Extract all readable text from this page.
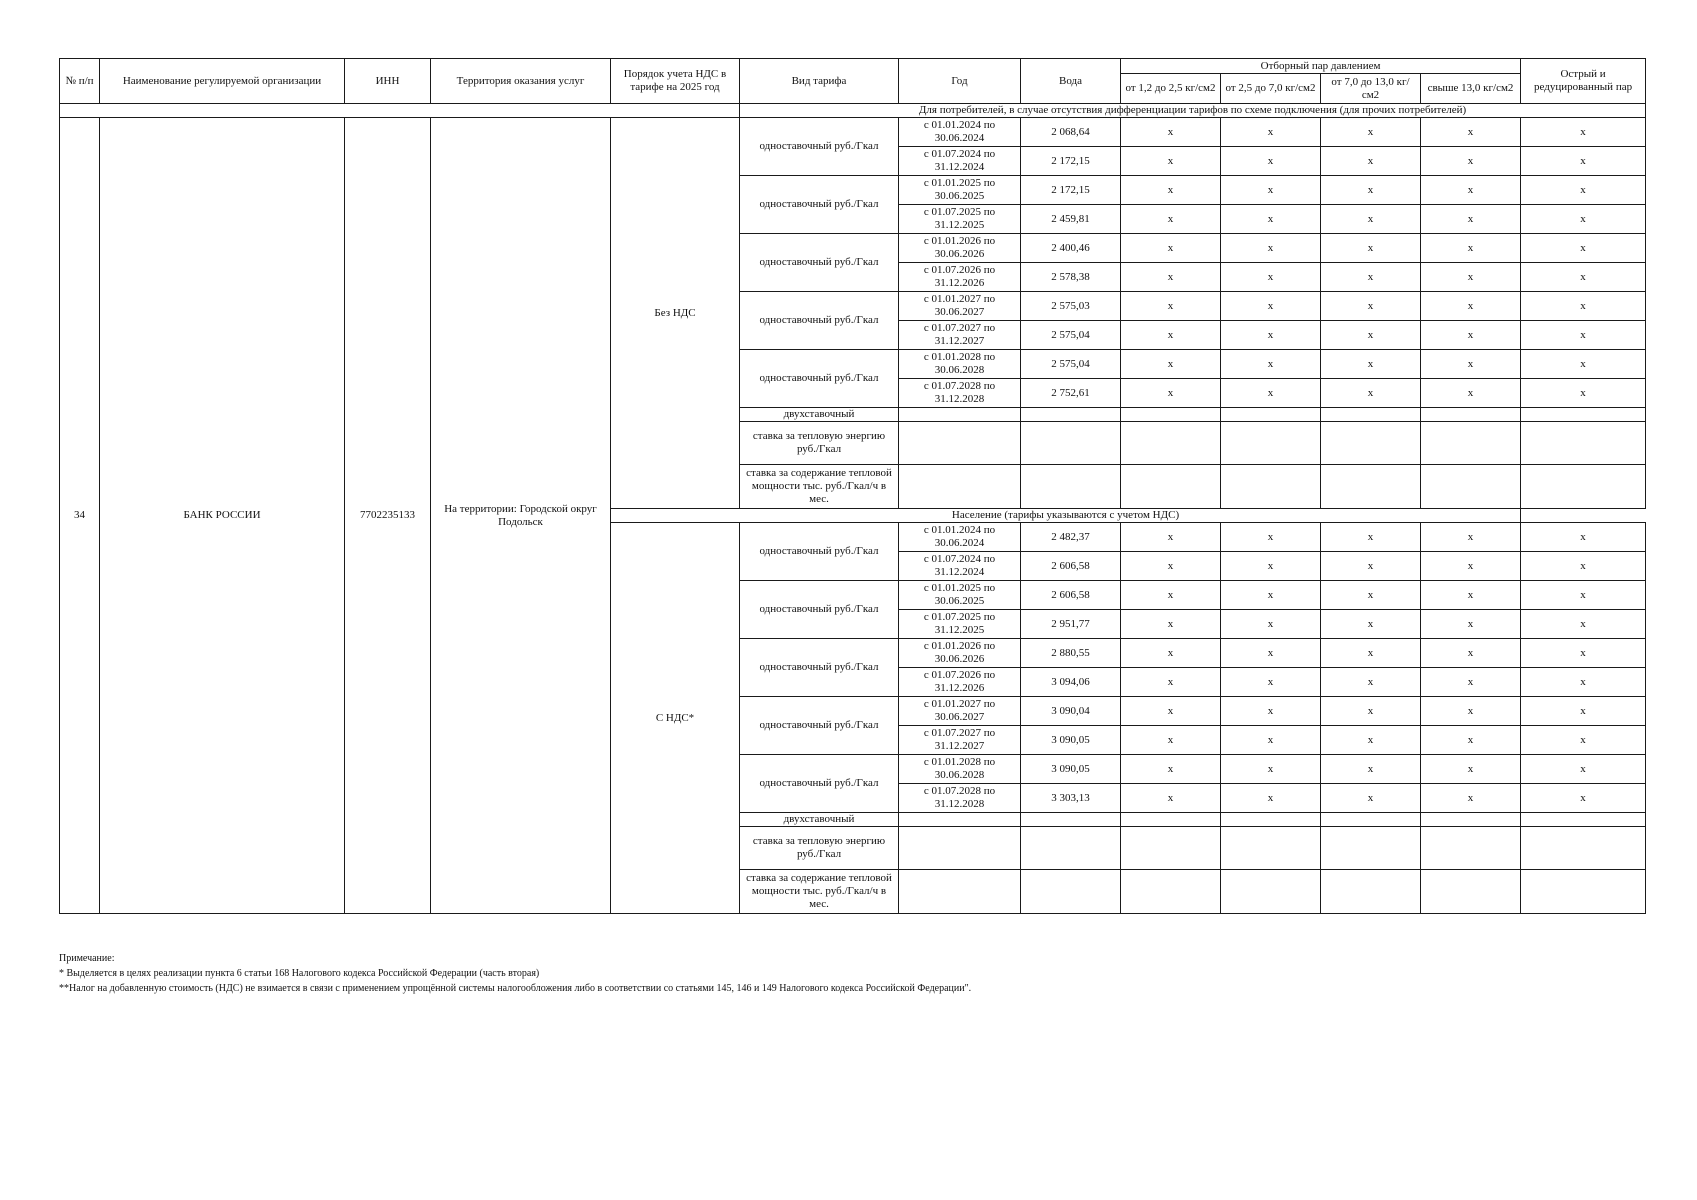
№ п/п	Наименование регулируемой организации	ИНН	Территория оказания услуг	Порядок учета НДС в тарифе на 2025 год	Вид тарифа	Год	Вода	Отборный пар давлением				Острый и редуцированный пар
								от 1,2 до 2,5 кг/см2	от 2,5 до 7,0 кг/см2	от 7,0 до 13,0 кг/см2	свыше 13,0 кг/см2	
					Для потребителей, в случае отсутствия дифференциации тарифов по схеме подключения (для прочих потребителей)							
34	БАНК РОССИИ	7702235133	На территории: Городской округ Подольск	Без НДС	одноставочный руб./Гкал	с 01.01.2024 по 30.06.2024	2 068,64	x	x	x	x	x
						с 01.07.2024 по 31.12.2024	2 172,15	x	x	x	x	x
					одноставочный руб./Гкал	с 01.01.2025 по 30.06.2025	2 172,15	x	x	x	x	x
						с 01.07.2025 по 31.12.2025	2 459,81	x	x	x	x	x
					одноставочный руб./Гкал	с 01.01.2026 по 30.06.2026	2 400,46	x	x	x	x	x
						с 01.07.2026 по 31.12.2026	2 578,38	x	x	x	x	x
					одноставочный руб./Гкал	с 01.01.2027 по 30.06.2027	2 575,03	x	x	x	x	x
						с 01.07.2027 по 31.12.2027	2 575,04	x	x	x	x	x
					одноставочный руб./Гкал	с 01.01.2028 по 30.06.2028	2 575,04	x	x	x	x	x
						с 01.07.2028 по 31.12.2028	2 752,61	x	x	x	x	x
					двухставочный							
					ставка за тепловую энергию руб./Гкал							
					ставка за содержание тепловой мощности тыс. руб./Гкал/ч в мес.							
				Население (тарифы указываются с учетом НДС)								
				С НДС*	одноставочный руб./Гкал	с 01.01.2024 по 30.06.2024	2 482,37	x	x	x	x	x
						с 01.07.2024 по 31.12.2024	2 606,58	x	x	x	x	x
					одноставочный руб./Гкал	с 01.01.2025 по 30.06.2025	2 606,58	x	x	x	x	x
						с 01.07.2025 по 31.12.2025	2 951,77	x	x	x	x	x
					одноставочный руб./Гкал	с 01.01.2026 по 30.06.2026	2 880,55	x	x	x	x	x
						с 01.07.2026 по 31.12.2026	3 094,06	x	x	x	x	x
					одноставочный руб./Гкал	с 01.01.2027 по 30.06.2027	3 090,04	x	x	x	x	x
						с 01.07.2027 по 31.12.2027	3 090,05	x	x	x	x	x
					одноставочный руб./Гкал	с 01.01.2028 по 30.06.2028	3 090,05	x	x	x	x	x
						с 01.07.2028 по 31.12.2028	3 303,13	x	x	x	x	x
					двухставочный							
					ставка за тепловую энергию руб./Гкал							
					ставка за содержание тепловой мощности тыс. руб./Гкал/ч в мес.							
Примечание:
* Выделяется в целях реализации пункта 6 статьи 168 Налогового кодекса Российской Федерации (часть вторая)
**Налог на добавленную стоимость (НДС) не взимается в связи с применением упрощённой системы налогообложения либо в соответствии со статьями 145, 146 и 149 Налогового кодекса Российской Федерации".
